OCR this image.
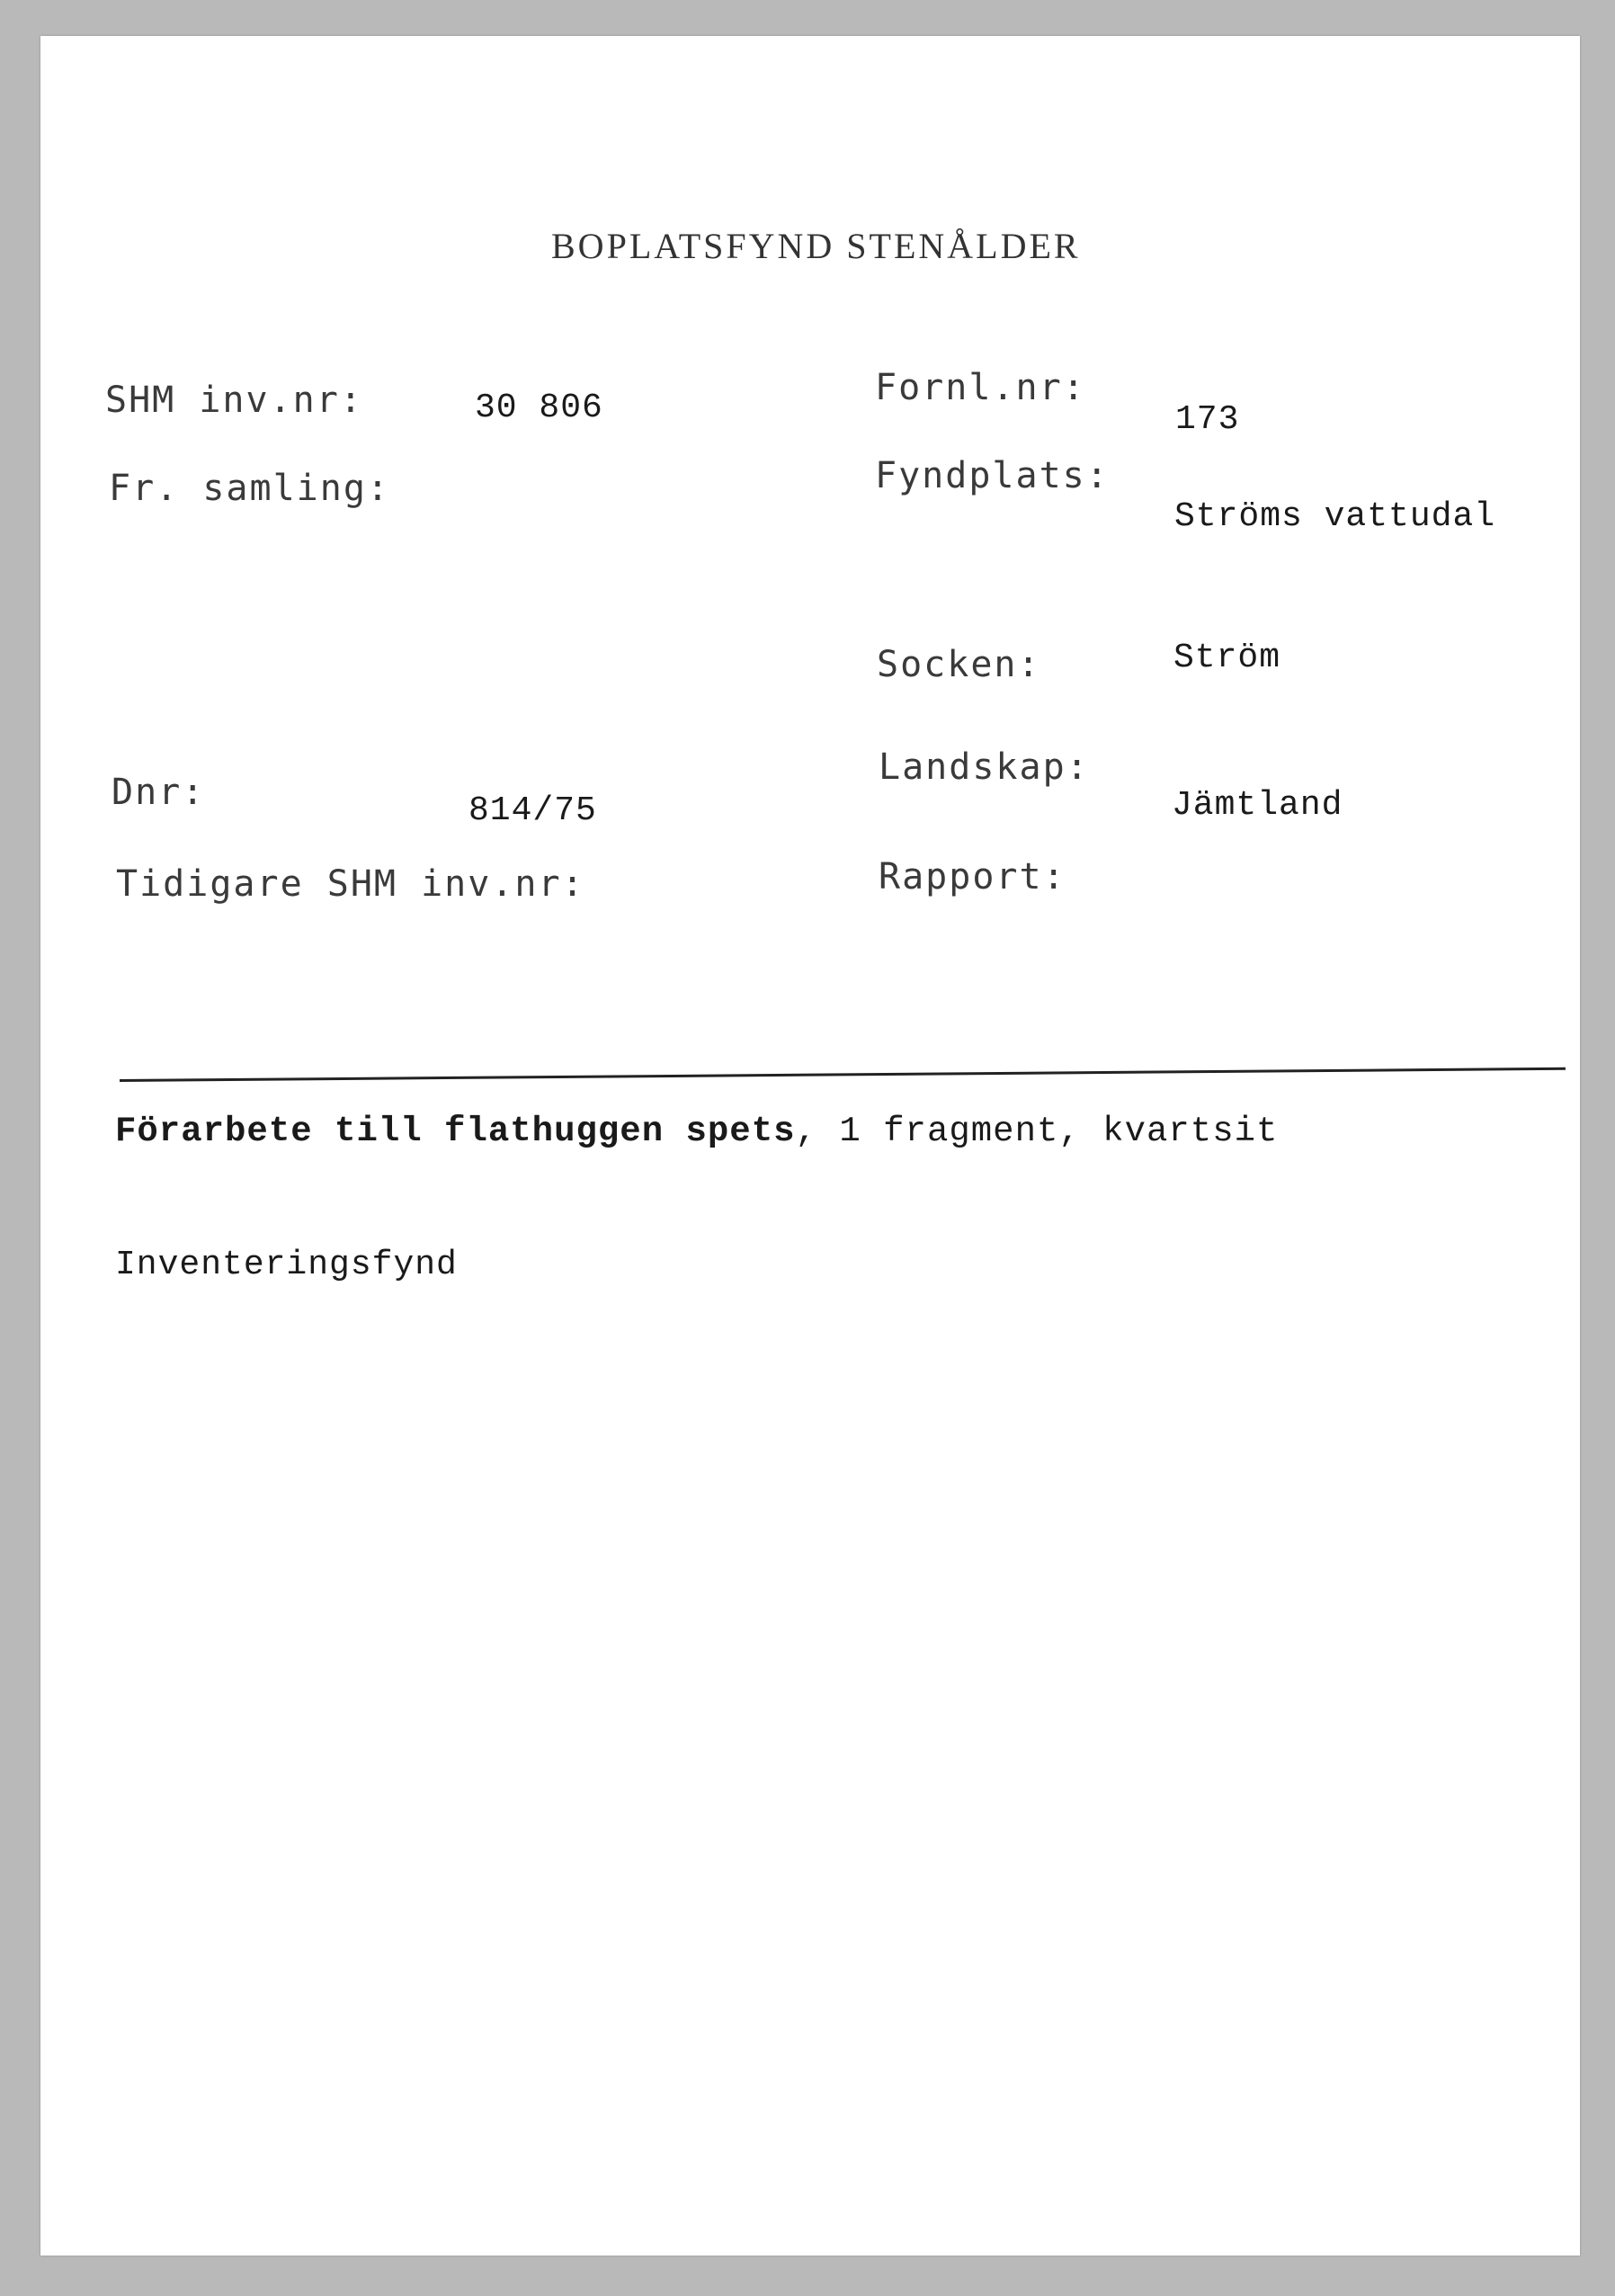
BOPLATSFYND STENÅLDER
SHM inv.nr:	30 806
Fr. samling:
Dnr:	814/75
Tidigare SHM inv.nr:
Fornl.nr:
173
Fyndplats:
Ströms vattudal
Socken:	Ström
Landskap:
Jämtland
Rapport:
Förarbete till flathuggen spets, 1 fragment, kvartsit
Inventeringsfynd
